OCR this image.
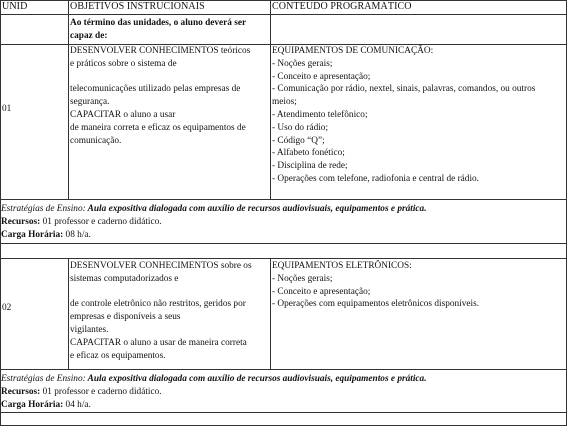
UNID	OBJETIVOS INSTRUCIONAIS	CONTEÚDO PROGRAMÁTICO
Ao término das unidades, o aluno deverá ser
capaz de:
01
DESENVOLVER CONHECIMENTOS teóricos
e práticos sobre o sistema de
telecomunicações utilizado pelas empresas de
segurança.
CAPACITAR o aluno a usar
de maneira correta e eficaz os equipamentos de
comunicação.
EQUIPAMENTOS DE COMUNICAÇÃO:
- Noções gerais;
- Conceito e apresentação;
- Comunicação por rádio, nextel, sinais, palavras, comandos, ou outros
meios;
- Atendimento telefônico;
- Uso do rádio;
- Código “Q”;
- Alfabeto fonético;
- Disciplina de rede;
- Operações com telefone, radiofonia e central de rádio.
Estratégias de Ensino: Aula expositiva dialogada com auxílio de recursos audiovisuais, equipamentos e prática.
Recursos: 01 professor e caderno didático.
Carga Horária: 08 h/a.
02
DESENVOLVER CONHECIMENTOS sobre os
sistemas computadorizados e
de controle eletrônico não restritos, geridos por
empresas e disponíveis a seus
vigilantes.
CAPACITAR o aluno a usar de maneira correta
e eficaz os equipamentos.
EQUIPAMENTOS ELETRÔNICOS:
- Noções gerais;
- Conceito e apresentação;
- Operações com equipamentos eletrônicos disponíveis.
Estratégias de Ensino: Aula expositiva dialogada com auxílio de recursos audiovisuais, equipamentos e prática.
Recursos: 01 professor e caderno didático.
Carga Horária: 04 h/a.
